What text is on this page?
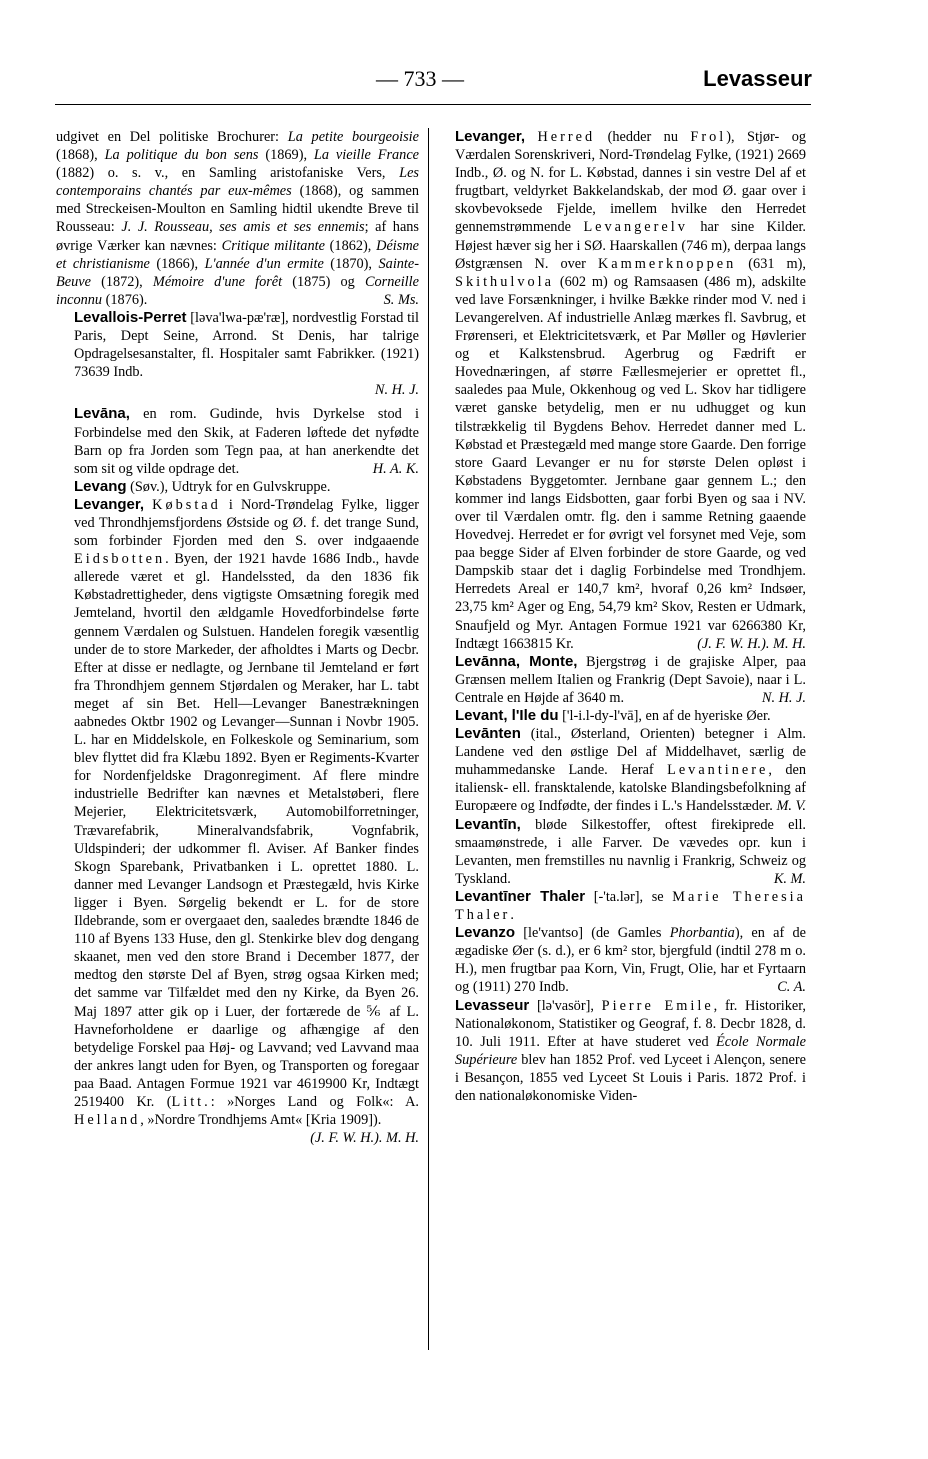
— 733 —	Levasseur

udgivet en Del politiske Brochurer: La petite bourgeoisie (1868), La politique du bon sens (1869), La vieille France (1882) o. s. v., en Samling aristofaniske Vers, Les contemporains chantés par eux-mêmes (1868), og sammen med Streckeisen-Moulton en Samling hidtil ukendte Breve til Rousseau: J. J. Rousseau, ses amis et ses ennemis; af hans øvrige Værker kan nævnes: Critique militante (1862), Déisme et christianisme (1866), L'année d'un ermite (1870), Sainte-Beuve (1872), Mémoire d'une forêt (1875) og Corneille inconnu (1876).	S. Ms.

Levallois-Perret [ləva'lwa-pæ'ræ], nordvestlig Forstad til Paris, Dept Seine, Arrond. St Denis, har talrige Opdragelsesanstalter, fl. Hospitaler samt Fabrikker. (1921) 73639 Indb.

N. H. J.

Levāna, en rom. Gudinde, hvis Dyrkelse stod i Forbindelse med den Skik, at Faderen løftede det nyfødte Barn op fra Jorden som Tegn paa, at han anerkendte det som sit og vilde opdrage det.	H. A. K.

Levang (Søv.), Udtryk for en Gulvskruppe.

Levanger, Købstad i Nord-Trøndelag Fylke, ligger ved Throndhjemsfjordens Østside og Ø. f. det trange Sund, som forbinder Fjorden med den S. over indgaaende Eidsbotten. Byen, der 1921 havde 1686 Indb., havde allerede været et gl. Handelssted, da den 1836 fik Købstadrettigheder, dens vigtigste Omsætning foregik med Jemteland, hvortil den ældgamle Hovedforbindelse førte gennem Værdalen og Sulstuen. Handelen foregik væsentlig under de to store Markeder, der afholdtes i Marts og Decbr. Efter at disse er nedlagte, og Jernbane til Jemteland er ført fra Throndhjem gennem Stjørdalen og Meraker, har L. tabt meget af sin Bet. Hell—Levanger Banestrækningen aabnedes Oktbr 1902 og Levanger—Sunnan i Novbr 1905. L. har en Middelskole, en Folkeskole og Seminarium, som blev flyttet did fra Klæbu 1892. Byen er Regiments-Kvarter for Nordenfjeldske Dragonregiment. Af flere mindre industrielle Bedrifter kan nævnes et Metalstøberi, flere Mejerier, Elektricitetsværk, Automobilforretninger, Trævarefabrik, Mineralvandsfabrik, Vognfabrik, Uldspinderi; der udkommer fl. Aviser. Af Banker findes Skogn Sparebank, Privatbanken i L. oprettet 1880. L. danner med Levanger Landsogn et Præstegæld, hvis Kirke ligger i Byen. Sørgelig bekendt er L. for de store Ildebrande, som er overgaaet den, saaledes brændte 1846 de 110 af Byens 133 Huse, den gl. Stenkirke blev dog dengang skaanet, men ved den store Brand i December 1877, der medtog den største Del af Byen, strøg ogsaa Kirken med; det samme var Tilfældet med den ny Kirke, da Byen 26. Maj 1897 atter gik op i Luer, der fortærede de ⅚ af L. Havneforholdene er daarlige og afhængige af den betydelige Forskel paa Høj- og Lavvand; ved Lavvand maa der ankres langt uden for Byen, og Transporten og foregaar paa Baad. Antagen Formue 1921 var 4619900 Kr, Indtægt 2519400 Kr. (Litt.: »Norges Land og Folk«: A. Helland, »Nordre Trondhjems Amt« [Kria 1909]).

(J. F. W. H.). M. H.

Levanger, Herred (hedder nu Frol), Stjør- og Værdalen Sorenskriveri, Nord-Trøndelag Fylke, (1921) 2669 Indb., Ø. og N. for L. Købstad, dannes i sin vestre Del af et frugtbart, veldyrket Bakkelandskab, der mod Ø. gaar over i skovbevoksede Fjelde, imellem hvilke den Herredet gennemstrømmende Levangerelv har sine Kilder. Højest hæver sig her i SØ. Haarskallen (746 m), derpaa langs Østgrænsen N. over Kammerknoppen (631 m), Skithulvola (602 m) og Ramsaasen (486 m), adskilte ved lave Forsænkninger, i hvilke Bække rinder mod V. ned i Levangerelven. Af industrielle Anlæg mærkes fl. Savbrug, et Frørenseri, et Elektricitetsværk, et Par Møller og Høvlerier og et Kalkstensbrud. Agerbrug og Fædrift er Hovednæringen, af større Fællesmejerier er oprettet fl., saaledes paa Mule, Okkenhoug og ved L. Skov har tidligere været ganske betydelig, men er nu udhugget og kun tilstrækkelig til Bygdens Behov. Herredet danner med L. Købstad et Præstegæld med mange store Gaarde. Den forrige store Gaard Levanger er nu for største Delen opløst i Købstadens Byggetomter. Jernbane gaar gennem L.; den kommer ind langs Eidsbotten, gaar forbi Byen og saa i NV. over til Værdalen omtr. flg. den i samme Retning gaaende Hovedvej. Herredet er for øvrigt vel forsynet med Veje, som paa begge Sider af Elven forbinder de store Gaarde, og ved Dampskib staar det i daglig Forbindelse med Trondhjem. Herredets Areal er 140,7 km², hvoraf 0,26 km² Indsøer, 23,75 km² Ager og Eng, 54,79 km² Skov, Resten er Udmark, Snaufjeld og Myr. Antagen Formue 1921 var 6266380 Kr, Indtægt 1663815 Kr.	(J. F. W. H.). M. H.

Levānna, Monte, Bjergstrøg i de grajiske Alper, paa Grænsen mellem Italien og Frankrig (Dept Savoie), naar i L. Centrale en Højde af 3640 m.	N. H. J.

Levant, l'Ile du ['l-i.l-dy-l'vā], en af de hyeriske Øer.

Levānten (ital., Østerland, Orienten) betegner i Alm. Landene ved den østlige Del af Middelhavet, særlig de muhammedanske Lande. Heraf Levantinere, den italiensk- ell. fransktalende, katolske Blandingsbefolkning af Europæere og Indfødte, der findes i L.'s Handelsstæder. M. V.

Levantīn, bløde Silkestoffer, oftest firekiprede ell. smaamønstrede, i alle Farver. De vævedes opr. kun i Levanten, men fremstilles nu navnlig i Frankrig, Schweiz og Tyskland.	K. M.

Levantīner Thaler [-'ta.lər], se Marie Theresia Thaler.

Levanzo [le'vantso] (de Gamles Phorbantia), en af de ægadiske Øer (s. d.), er 6 km² stor, bjergfuld (indtil 278 m o. H.), men frugtbar paa Korn, Vin, Frugt, Olie, har et Fyrtaarn og (1911) 270 Indb.	C. A.

Levasseur [lə'vasör], Pierre Emile, fr. Historiker, Nationaløkonom, Statistiker og Geograf, f. 8. Decbr 1828, d. 10. Juli 1911. Efter at have studeret ved École Normale Supérieure blev han 1852 Prof. ved Lyceet i Alençon, senere i Besançon, 1855 ved Lyceet St Louis i Paris. 1872 Prof. i den nationaløkonomiske Viden-
